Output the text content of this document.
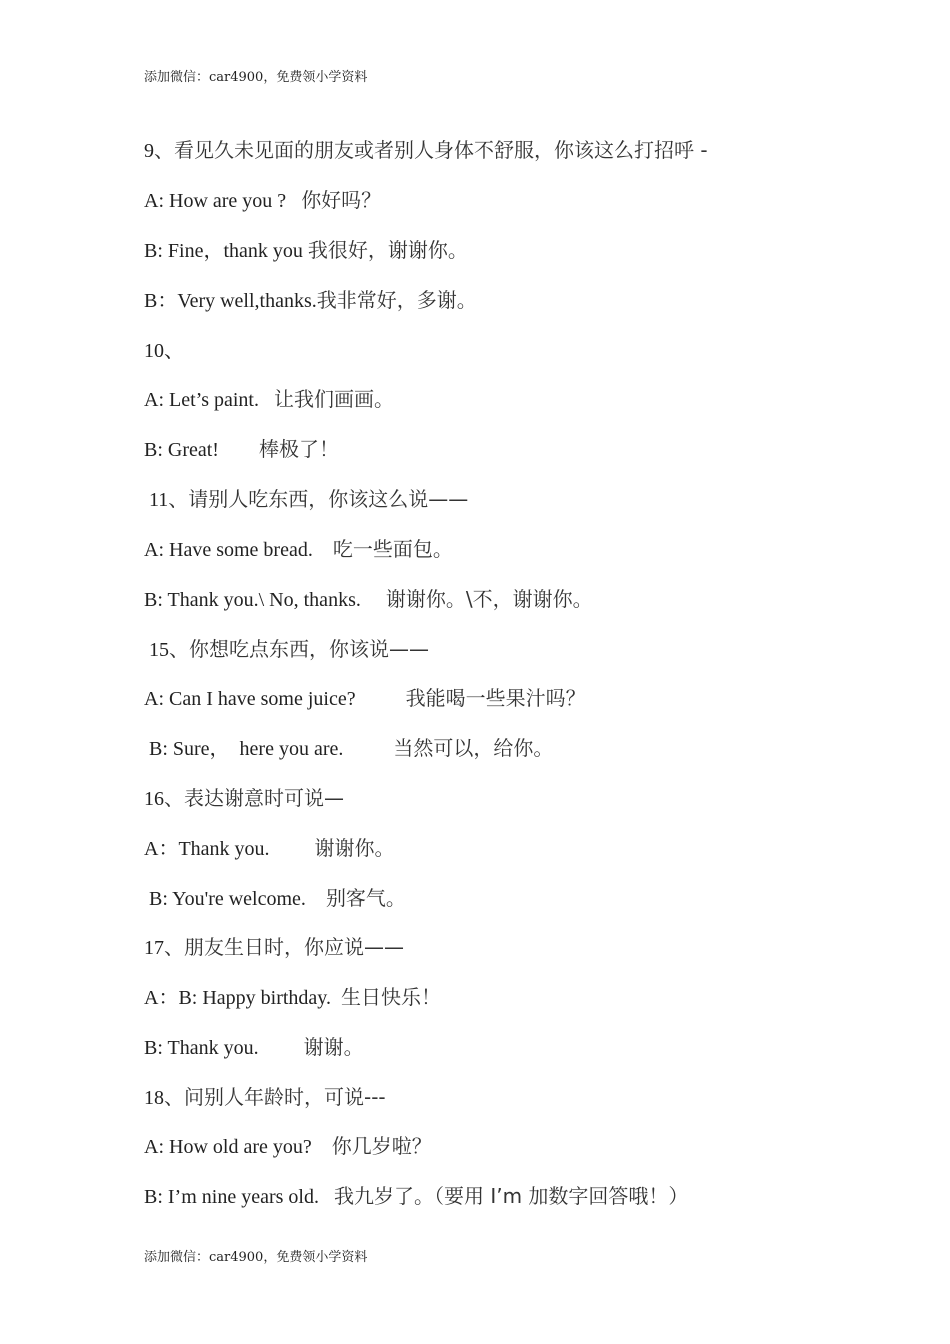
添加微信：car4900，免费领小学资料
9、看见久未见面的朋友或者别人身体不舒服，你该这么打招呼 -
A: How are you ?   你好吗？
B: Fine，thank you 我很好，谢谢你。
B：Very well,thanks.我非常好，多谢。
10、
A: Let’s paint.   让我们画画。
B: Great!        棒极了！
11、请别人吃东西，你该这么说——
A: Have some bread.    吃一些面包。
B: Thank you.\ No, thanks.     谢谢你。\不，谢谢你。
15、你想吃点东西，你该说——
A: Can I have some juice?          我能喝一些果汁吗？
B: Sure，  here you are.          当然可以，给你。
16、表达谢意时可说—
A：Thank you.         谢谢你。
B: You're welcome.    别客气。
17、朋友生日时，你应说——
A：B: Happy birthday.  生日快乐！
B: Thank you.         谢谢。
18、问别人年龄时，可说---
A: How old are you?    你几岁啦？
B: I’m nine years old.   我九岁了。（要用 I’m 加数字回答哦！）
添加微信：car4900，免费领小学资料
